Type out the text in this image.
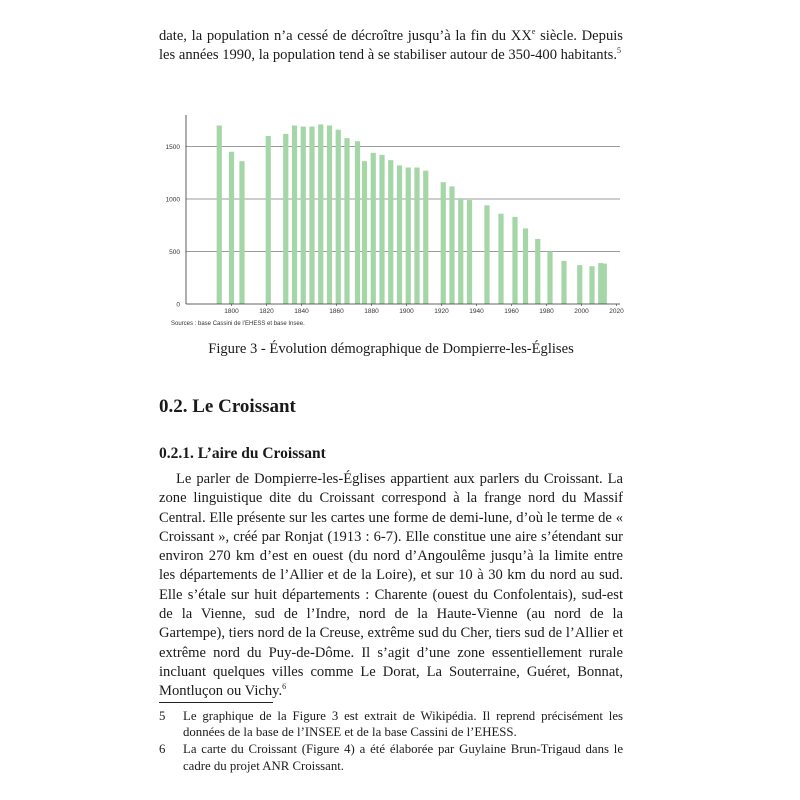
date, la population n’a cessé de décroître jusqu’à la fin du XXe siècle. Depuis les années 1990, la population tend à se stabiliser autour de 350-400 habitants.$^5$

0
500
1000
1500
1800	1820	1840	1860	1880	1900	1920	1940	1960	1980	2000	2020
Sources : base Cassini de l’EHESS et base Insee.
Figure 3 - Évolution démographique de Dompierre-les-Églises
0.2. Le Croissant
0.2.1. L’aire du Croissant

Le parler de Dompierre-les-Églises appartient aux parlers du Croissant. La zone linguistique dite du Croissant correspond à la frange nord du Massif Central. Elle présente sur les cartes une forme de demi-lune, d’où le terme de « Croissant », créé par Ronjat (1913 : 6-7). Elle constitue une aire s’étendant sur environ 270 km d’est en ouest (du nord d’Angoulême jusqu’à la limite entre les départements de l’Allier et de la Loire), et sur 10 à 30 km du nord au sud. Elle s’étale sur huit départements : Charente (ouest du Confolentais), sud-est de la Vienne, sud de l’Indre, nord de la Haute-Vienne (au nord de la Gartempe), tiers nord de la Creuse, extrême sud du Cher, tiers sud de l’Allier et extrême nord du Puy-de-Dôme. Il s’agit d’une zone essentiellement rurale incluant quelques villes comme Le Dorat, La Souterraine, Guéret, Bonnat, Montluçon ou Vichy.$^6$

5	Le graphique de la Figure 3 est extrait de Wikipédia. Il reprend précisément les données de la base de l’INSEE et de la base Cassini de l’EHESS.
6	La carte du Croissant (Figure 4) a été élaborée par Guylaine Brun-Trigaud dans le cadre du projet ANR Croissant.
